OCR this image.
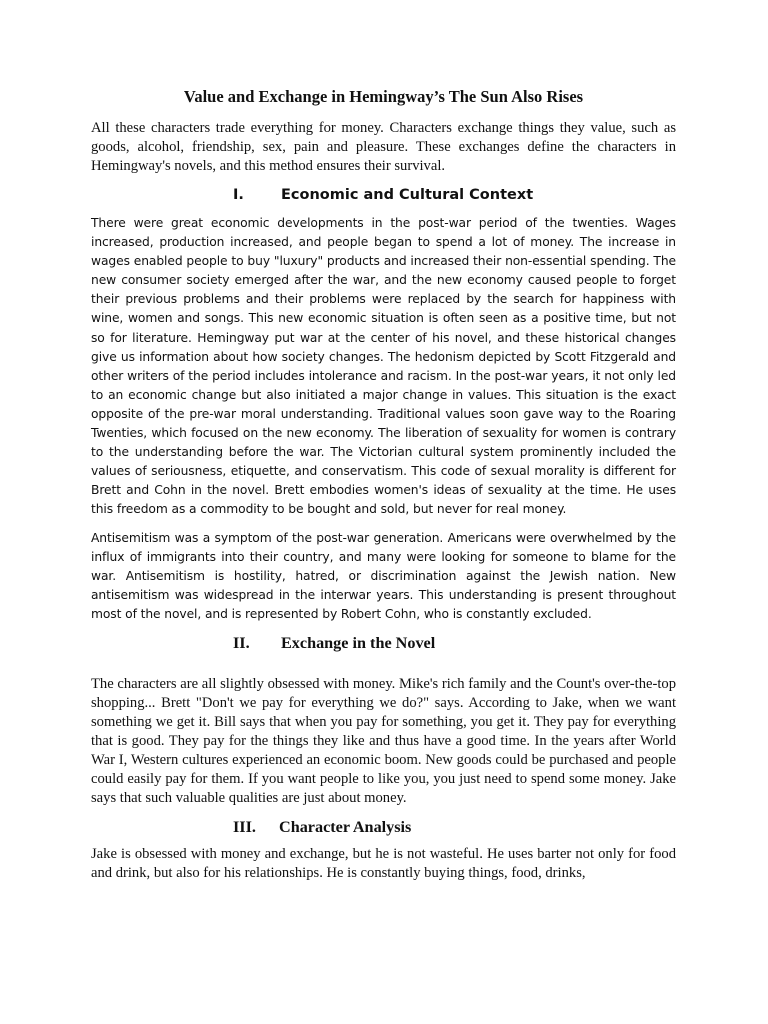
Value and Exchange in Hemingway’s The Sun Also Rises

All these characters trade everything for money. Characters exchange things they value, such as goods, alcohol, friendship, sex, pain and pleasure. These exchanges define the characters in Hemingway's novels, and this method ensures their survival.

I.	Economic and Cultural Context

There were great economic developments in the post-war period of the twenties. Wages increased, production increased, and people began to spend a lot of money. The increase in wages enabled people to buy "luxury" products and increased their non-essential spending. The new consumer society emerged after the war, and the new economy caused people to forget their previous problems and their problems were replaced by the search for happiness with wine, women and songs. This new economic situation is often seen as a positive time, but not so for literature. Hemingway put war at the center of his novel, and these historical changes give us information about how society changes. The hedonism depicted by Scott Fitzgerald and other writers of the period includes intolerance and racism. In the post-war years, it not only led to an economic change but also initiated a major change in values. This situation is the exact opposite of the pre-war moral understanding. Traditional values soon gave way to the Roaring Twenties, which focused on the new economy. The liberation of sexuality for women is contrary to the understanding before the war. The Victorian cultural system prominently included the values of seriousness, etiquette, and conservatism. This code of sexual morality is different for Brett and Cohn in the novel. Brett embodies women's ideas of sexuality at the time. He uses this freedom as a commodity to be bought and sold, but never for real money.

Antisemitism was a symptom of the post-war generation. Americans were overwhelmed by the influx of immigrants into their country, and many were looking for someone to blame for the war. Antisemitism is hostility, hatred, or discrimination against the Jewish nation. New antisemitism was widespread in the interwar years. This understanding is present throughout most of the novel, and is represented by Robert Cohn, who is constantly excluded.

II.	Exchange in the Novel

The characters are all slightly obsessed with money. Mike's rich family and the Count's over-the-top shopping... Brett "Don't we pay for everything we do?" says. According to Jake, when we want something we get it. Bill says that when you pay for something, you get it. They pay for everything that is good. They pay for the things they like and thus have a good time. In the years after World War I, Western cultures experienced an economic boom. New goods could be purchased and people could easily pay for them. If you want people to like you, you just need to spend some money. Jake says that such valuable qualities are just about money.

III.	Character Analysis

Jake is obsessed with money and exchange, but he is not wasteful. He uses barter not only for food and drink, but also for his relationships. He is constantly buying things, food, drinks,
